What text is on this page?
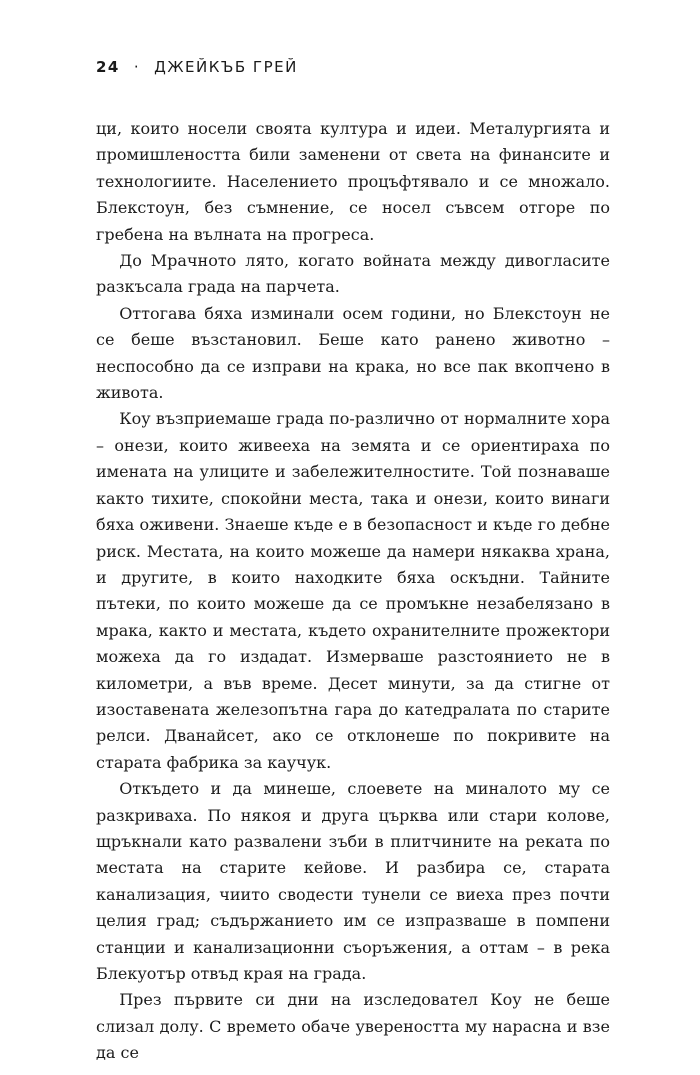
24 · ДЖЕЙКЪБ ГРЕЙ

ци, които носели своята култура и идеи. Металургията и промишлеността били заменени от света на финансите и технологиите. Населението процъфтявало и се множало. Блекстоун, без съмнение, се носел съвсем отгоре по гребена на вълната на прогреса.

До Мрачното лято, когато войната между дивогласите разкъсала града на парчета.

Оттогава бяха изминали осем години, но Блекстоун не се беше възстановил. Беше като ранено животно – неспособно да се изправи на крака, но все пак вкопчено в живота.

Коу възприемаше града по-различно от нормалните хора – онези, които живееха на земята и се ориентираха по имената на улиците и забележителностите. Той познаваше както тихите, спокойни места, така и онези, които винаги бяха оживени. Знаеше къде е в безопасност и къде го дебне риск. Местата, на които можеше да намери някаква храна, и другите, в които находките бяха оскъдни. Тайните пътеки, по които можеше да се промъкне незабелязано в мрака, както и местата, където охранителните прожектори можеха да го издадат. Измерваше разстоянието не в километри, а във време. Десет минути, за да стигне от изоставената железопътна гара до катедралата по старите релси. Дванайсет, ако се отклонеше по покривите на старата фабрика за каучук.

Откъдето и да минеше, слоевете на миналото му се разкриваха. По някоя и друга църква или стари колове, щръкнали като развалени зъби в плитчините на реката по местата на старите кейове. И разбира се, старата канализация, чиито сводести тунели се виеха през почти целия град; съдържанието им се изпразваше в помпени станции и канализационни съоръжения, а оттам – в река Блекуотър отвъд края на града.

През първите си дни на изследовател Коу не беше слизал долу. С времето обаче увереността му нарасна и взе да се
